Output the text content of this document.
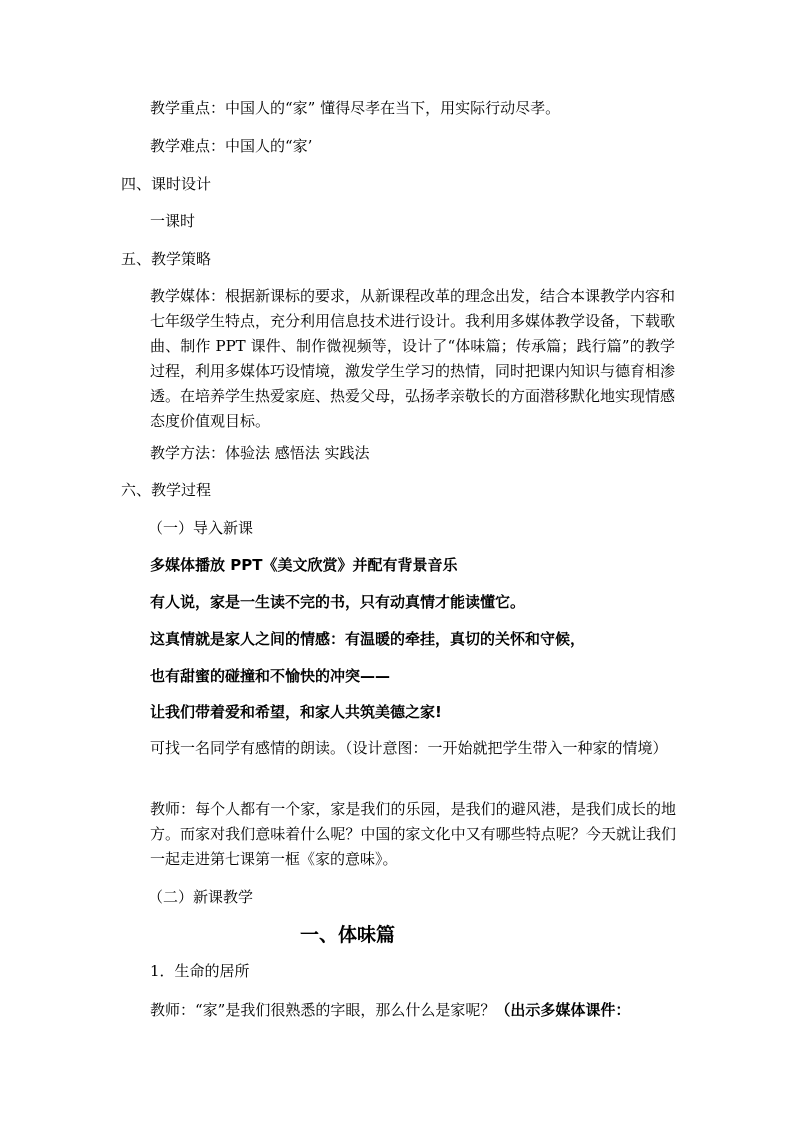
教学重点：中国人的“家” 懂得尽孝在当下，用实际行动尽孝。
教学难点：中国人的“家’
四、课时设计
一课时
五、教学策略
教学媒体：根据新课标的要求，从新课程改革的理念出发，结合本课教学内容和七年级学生特点，充分利用信息技术进行设计。我利用多媒体教学设备，下载歌曲、制作 PPT 课件、制作微视频等，设计了“体味篇；传承篇；践行篇”的教学过程，利用多媒体巧设情境，激发学生学习的热情，同时把课内知识与德育相渗透。在培养学生热爱家庭、热爱父母，弘扬孝亲敬长的方面潜移默化地实现情感态度价值观目标。
教学方法：体验法 感悟法 实践法
六、教学过程
（一）导入新课
多媒体播放 PPT《美文欣赏》并配有背景音乐
有人说，家是一生读不完的书，只有动真情才能读懂它。
这真情就是家人之间的情感：有温暖的牵挂，真切的关怀和守候，
也有甜蜜的碰撞和不愉快的冲突——
让我们带着爱和希望，和家人共筑美德之家!
可找一名同学有感情的朗读。（设计意图：一开始就把学生带入一种家的情境）
教师：每个人都有一个家，家是我们的乐园，是我们的避风港，是我们成长的地方。而家对我们意味着什么呢？中国的家文化中又有哪些特点呢？今天就让我们一起走进第七课第一框《家的意味》。
（二）新课教学
一、体味篇
1．生命的居所
教师：“家”是我们很熟悉的字眼，那么什么是家呢？（出示多媒体课件：
